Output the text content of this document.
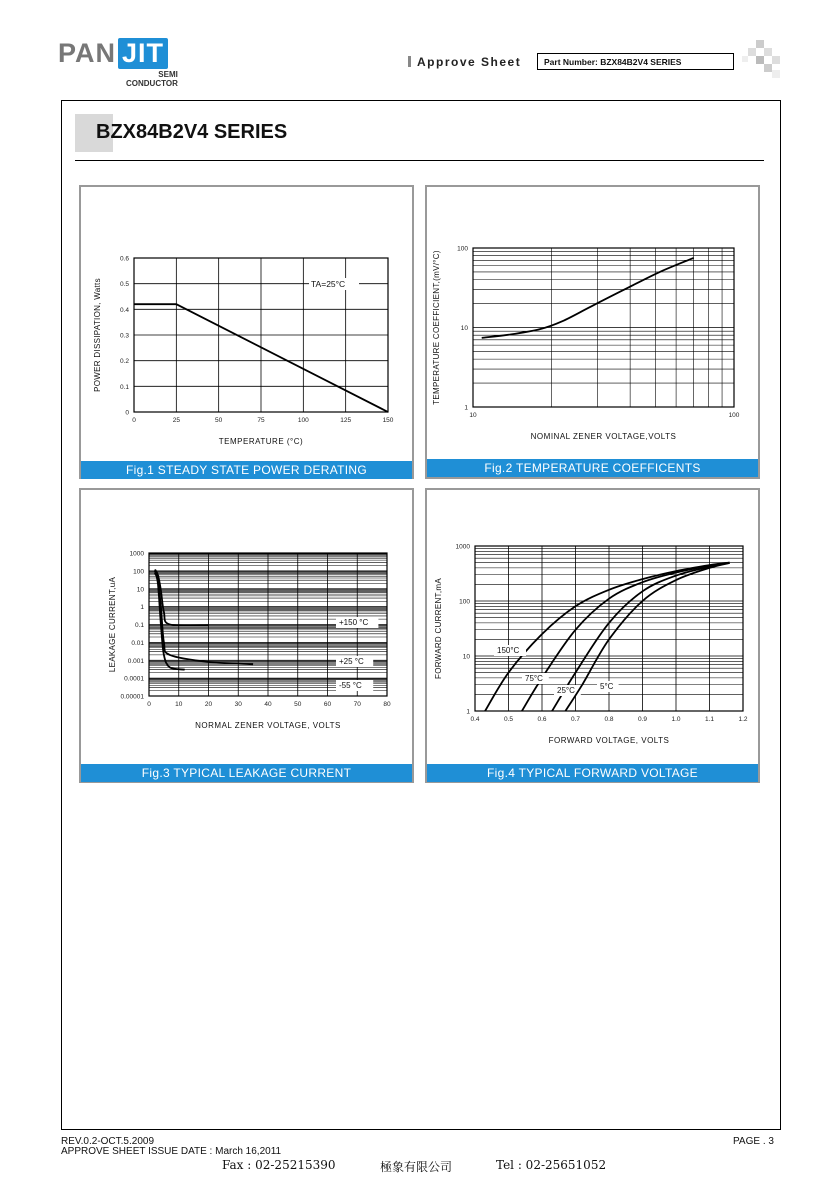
PAN JIT
SEMI
CONDUCTOR
Approve Sheet	Part Number: BZX84B2V4 SERIES
BZX84B2V4 SERIES
0	25	50	75	100	125	150
0
0.1
0.2
0.3
0.4
0.5
0.6
TEMPERATURE (°C)
POWER DISSIPATION, Watts	TA=25°C
Fig.1 STEADY STATE POWER DERATING
10	100
1
10
100
NOMINAL ZENER VOLTAGE,VOLTS
TEMPERATURE COEFFICIENT,(mV/°C)
Fig.2 TEMPERATURE COEFFICENTS
0	10	20	30	40	50	60	70	80
0.00001
0.0001
0.001
0.01
0.1
1
10
100
1000
NORMAL ZENER VOLTAGE, VOLTS
LEAKAGE CURRENT,uA	+150 °C
+25 °C
-55 °C
Fig.3 TYPICAL LEAKAGE CURRENT
0.4	0.5	0.6	0.7	0.8	0.9	1.0	1.1	1.2
1
10
100
1000
FORWARD VOLTAGE, VOLTS
FORWARD CURRENT,mA	150°C
75°C
25°C	5°C
Fig.4 TYPICAL FORWARD VOLTAGE
REV.0.2-OCT.5.2009
APPROVE SHEET ISSUE DATE : March 16,2011
PAGE . 3
Fax : 02-25215390	極象有限公司	Tel : 02-25651052
